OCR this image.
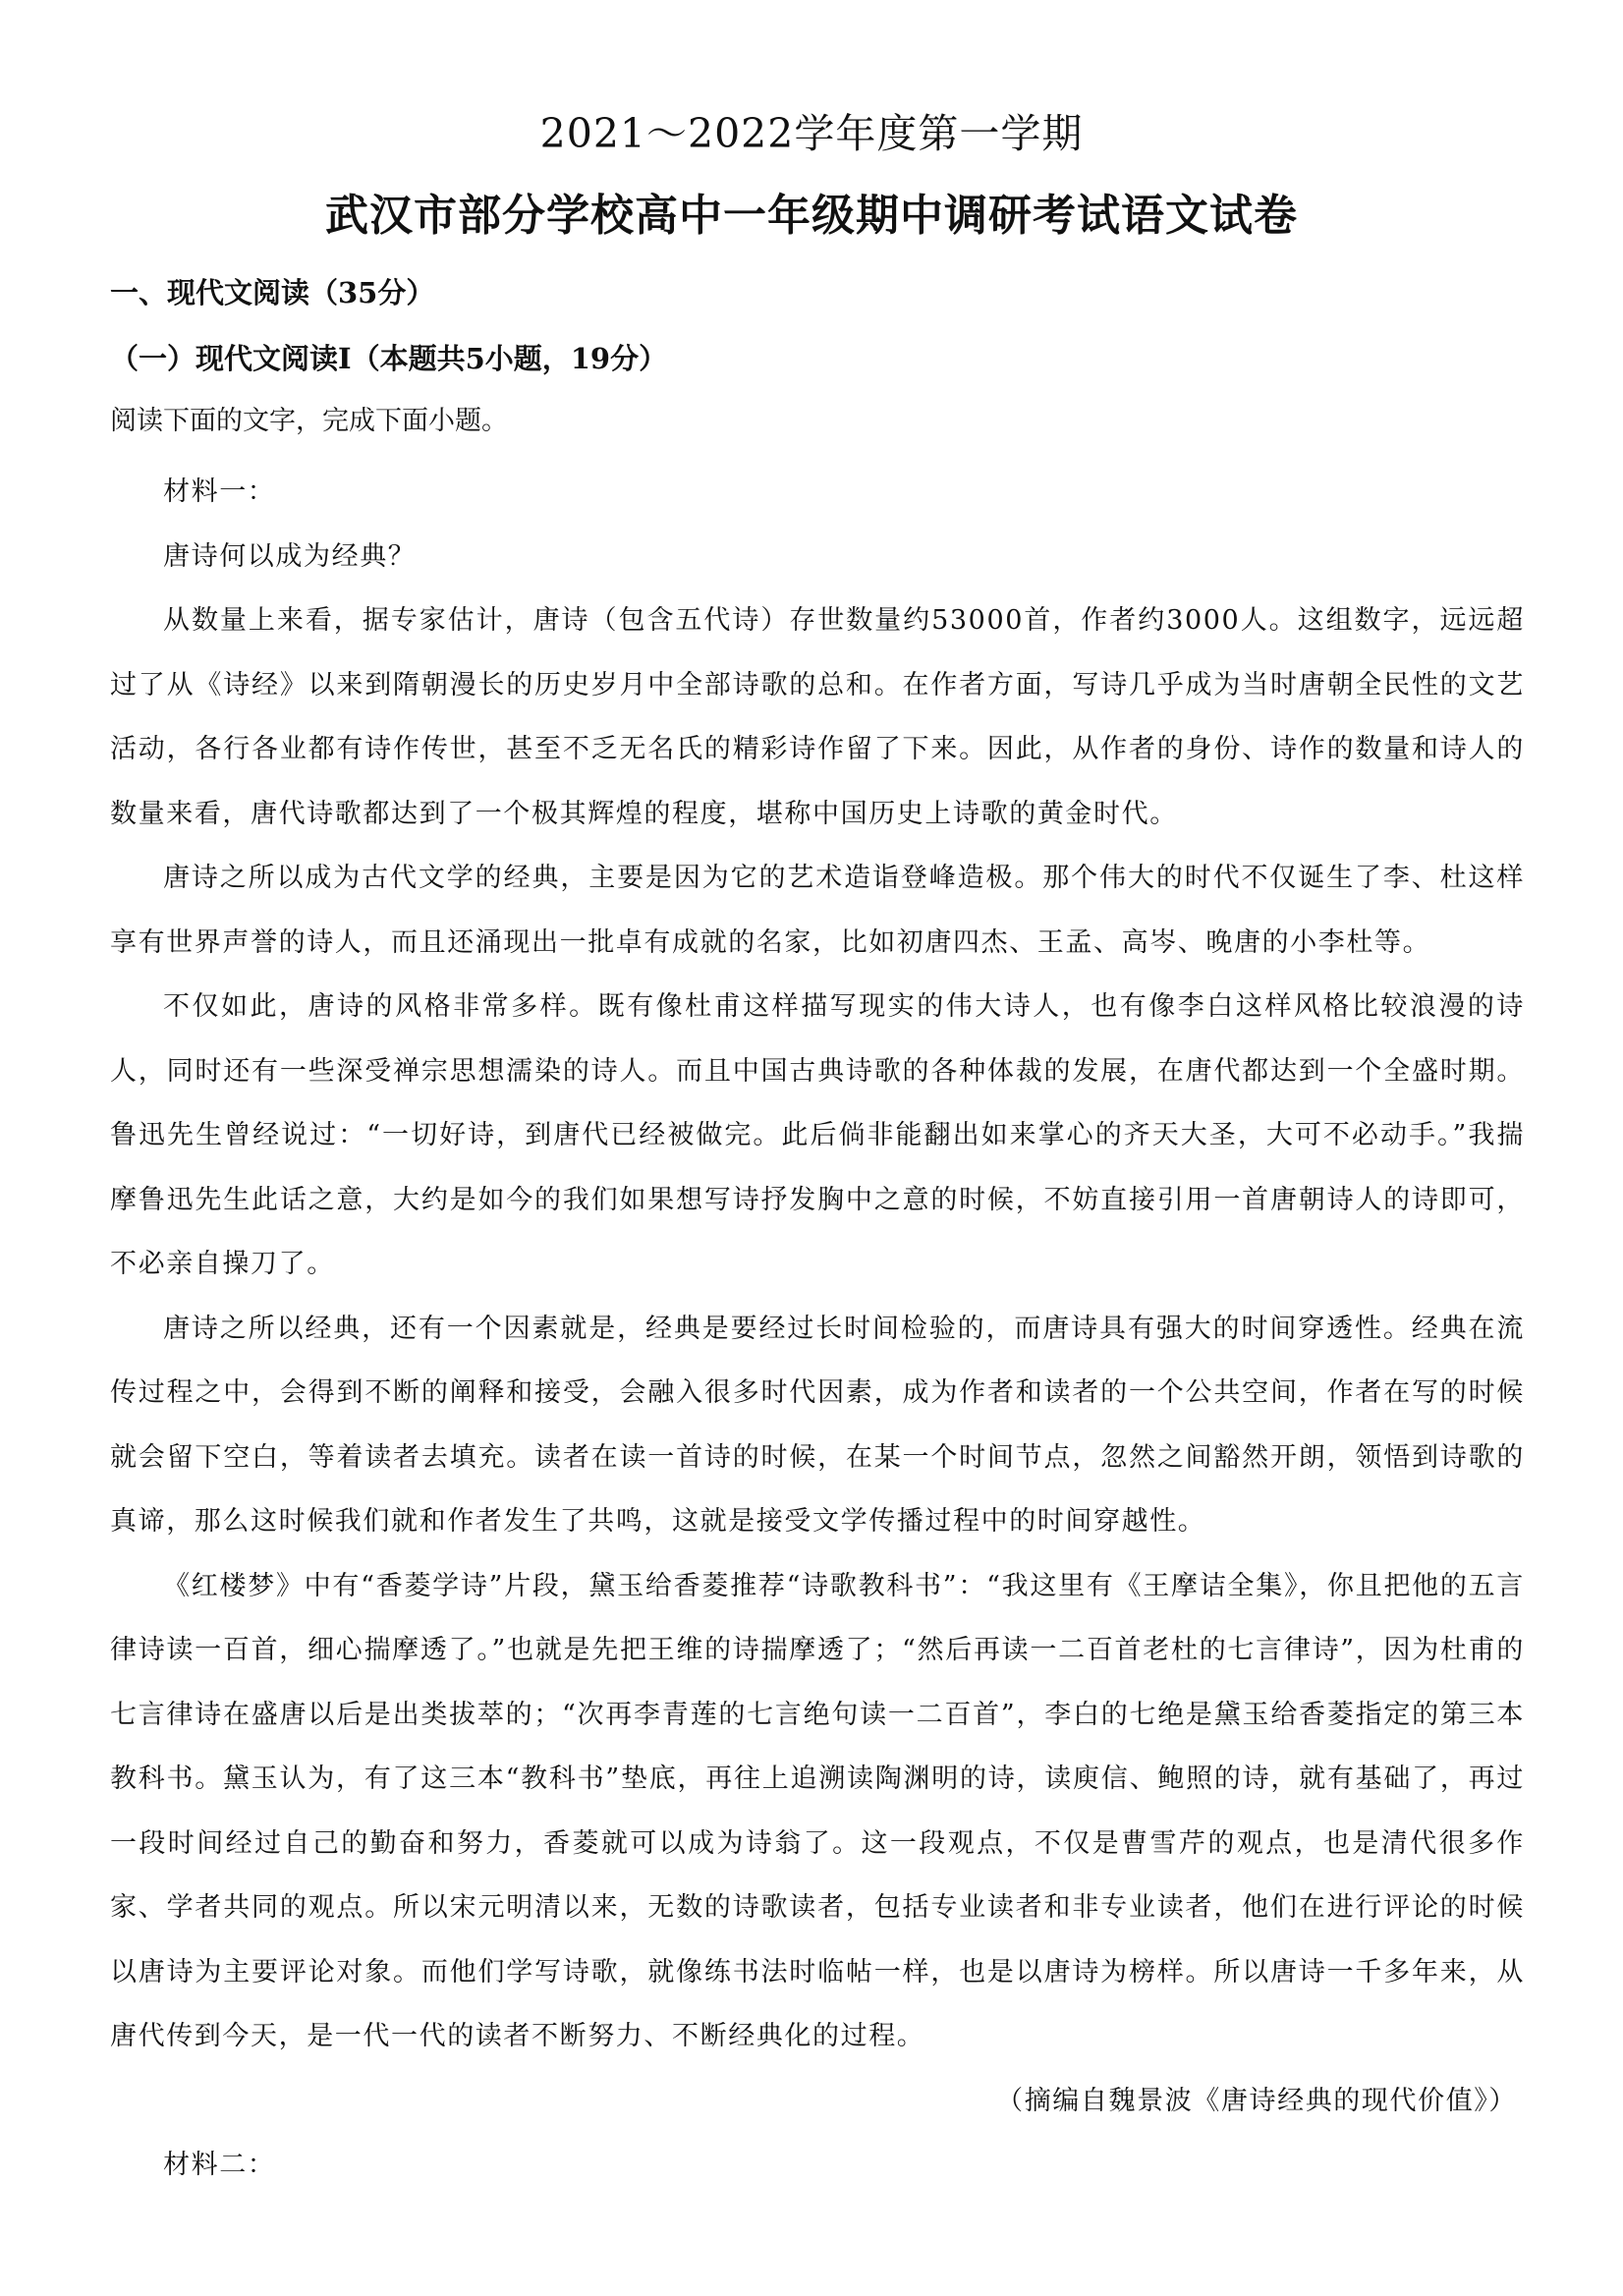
2021～2022学年度第一学期
武汉市部分学校高中一年级期中调研考试语文试卷
一、现代文阅读（35分）
（一）现代文阅读Ⅰ（本题共5小题，19分）
阅读下面的文字，完成下面小题。

材料一：

唐诗何以成为经典？

从数量上来看，据专家估计，唐诗（包含五代诗）存世数量约53000首，作者约3000人。这组数字，远远超过了从《诗经》以来到隋朝漫长的历史岁月中全部诗歌的总和。在作者方面，写诗几乎成为当时唐朝全民性的文艺活动，各行各业都有诗作传世，甚至不乏无名氏的精彩诗作留了下来。因此，从作者的身份、诗作的数量和诗人的数量来看，唐代诗歌都达到了一个极其辉煌的程度，堪称中国历史上诗歌的黄金时代。

唐诗之所以成为古代文学的经典，主要是因为它的艺术造诣登峰造极。那个伟大的时代不仅诞生了李、杜这样享有世界声誉的诗人，而且还涌现出一批卓有成就的名家，比如初唐四杰、王孟、高岑、晚唐的小李杜等。

不仅如此，唐诗的风格非常多样。既有像杜甫这样描写现实的伟大诗人，也有像李白这样风格比较浪漫的诗人，同时还有一些深受禅宗思想濡染的诗人。而且中国古典诗歌的各种体裁的发展，在唐代都达到一个全盛时期。鲁迅先生曾经说过：“一切好诗，到唐代已经被做完。此后倘非能翻出如来掌心的齐天大圣，大可不必动手。”我揣摩鲁迅先生此话之意，大约是如今的我们如果想写诗抒发胸中之意的时候，不妨直接引用一首唐朝诗人的诗即可，不必亲自操刀了。

唐诗之所以经典，还有一个因素就是，经典是要经过长时间检验的，而唐诗具有强大的时间穿透性。经典在流传过程之中，会得到不断的阐释和接受，会融入很多时代因素，成为作者和读者的一个公共空间，作者在写的时候就会留下空白，等着读者去填充。读者在读一首诗的时候，在某一个时间节点，忽然之间豁然开朗，领悟到诗歌的真谛，那么这时候我们就和作者发生了共鸣，这就是接受文学传播过程中的时间穿越性。

《红楼梦》中有“香菱学诗”片段，黛玉给香菱推荐“诗歌教科书”：“我这里有《王摩诘全集》，你且把他的五言律诗读一百首，细心揣摩透了。”也就是先把王维的诗揣摩透了；“然后再读一二百首老杜的七言律诗”，因为杜甫的七言律诗在盛唐以后是出类拔萃的；“次再李青莲的七言绝句读一二百首”，李白的七绝是黛玉给香菱指定的第三本教科书。黛玉认为，有了这三本“教科书”垫底，再往上追溯读陶渊明的诗，读庾信、鲍照的诗，就有基础了，再过一段时间经过自己的勤奋和努力，香菱就可以成为诗翁了。这一段观点，不仅是曹雪芹的观点，也是清代很多作家、学者共同的观点。所以宋元明清以来，无数的诗歌读者，包括专业读者和非专业读者，他们在进行评论的时候以唐诗为主要评论对象。而他们学写诗歌，就像练书法时临帖一样，也是以唐诗为榜样。所以唐诗一千多年来，从唐代传到今天，是一代一代的读者不断努力、不断经典化的过程。

（摘编自魏景波《唐诗经典的现代价值》）

材料二：
